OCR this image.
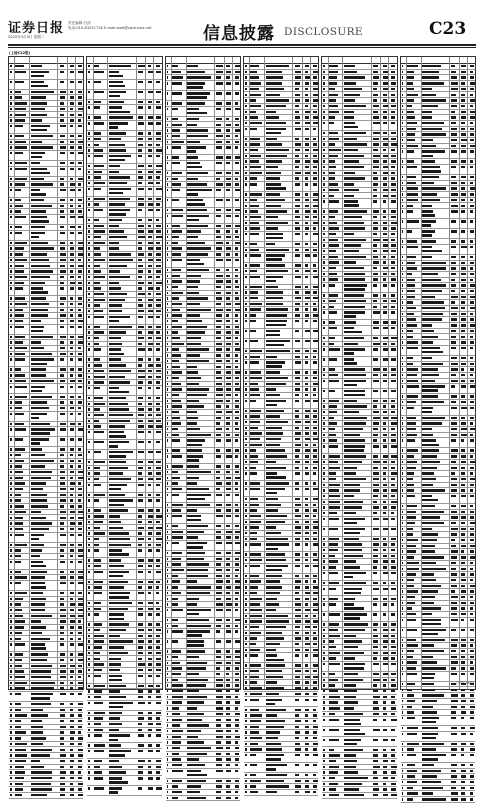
证券日报
2020年3月3日 星期二
责任编辑:石清
电话:010-83251716 E-mail:zqrb@zqrb.sina.net	信息披露 DISCLOSURE	C23
(上接C22版)
(下转C24版)
